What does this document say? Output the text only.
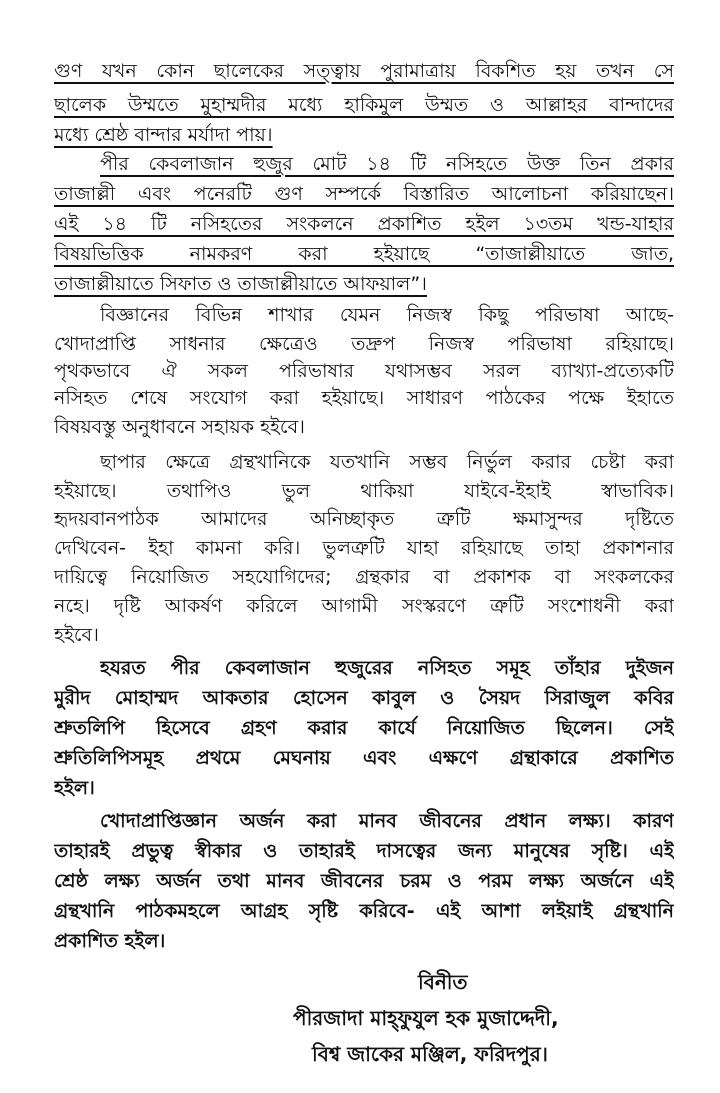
গুণ যখন কোন ছালেকের সত্ত্বায় পুরামাত্রায় বিকশিত হয় তখন সে
ছালেক উম্মতে মুহাম্মদীর মধ্যে হাকিমুল উম্মত ও আল্লাহর বান্দাদের
মধ্যে শ্রেষ্ঠ বান্দার মর্যাদা পায়।
পীর কেবলাজান হুজুর মোট ১৪ টি নসিহতে উক্ত তিন প্রকার
তাজাল্লী এবং পনেরটি গুণ সম্পর্কে বিস্তারিত আলোচনা করিয়াছেন।
এই ১৪ টি নসিহতের সংকলনে প্রকাশিত হইল ১৩তম খন্ড-যাহার
বিষয়ভিত্তিক নামকরণ করা হইয়াছে “তাজাল্লীয়াতে জাত,
তাজাল্লীয়াতে সিফাত ও তাজাল্লীয়াতে আফয়াল”।
বিজ্ঞানের বিভিন্ন শাখার যেমন নিজস্ব কিছু পরিভাষা আছে-
খোদাপ্রাপ্তি সাধনার ক্ষেত্রেও তদ্রুপ নিজস্ব পরিভাষা রহিয়াছে।
পৃথকভাবে ঐ সকল পরিভাষার যথাসম্ভব সরল ব্যাখ্যা-প্রত্যেকটি
নসিহত শেষে সংযোগ করা হইয়াছে। সাধারণ পাঠকের পক্ষে ইহাতে
বিষয়বস্তু অনুধাবনে সহায়ক হইবে।
ছাপার ক্ষেত্রে গ্রন্থখানিকে যতখানি সম্ভব নির্ভুল করার চেষ্টা করা
হইয়াছে। তথাপিও ভুল থাকিয়া যাইবে-ইহাই স্বাভাবিক।
হৃদয়বানপাঠক আমাদের অনিচ্ছাকৃত ত্রুটি ক্ষমাসুন্দর দৃষ্টিতে
দেখিবেন- ইহা কামনা করি। ভুলত্রুটি যাহা রহিয়াছে তাহা প্রকাশনার
দায়িত্বে নিয়োজিত সহযোগিদের; গ্রন্থকার বা প্রকাশক বা সংকলকের
নহে। দৃষ্টি আকর্ষণ করিলে আগামী সংস্করণে ত্রুটি সংশোধনী করা
হইবে।
হযরত পীর কেবলাজান হুজুরের নসিহত সমূহ তাঁহার দুইজন
মুরীদ মোহাম্মদ আকতার হোসেন কাবুল ও সৈয়দ সিরাজুল কবির
শ্রুতলিপি হিসেবে গ্রহণ করার কার্যে নিয়োজিত ছিলেন। সেই
শ্রুতিলিপিসমূহ প্রথমে মেঘনায় এবং এক্ষণে গ্রন্থাকারে প্রকাশিত
হইল।
খোদাপ্রাপ্তিজ্ঞান অর্জন করা মানব জীবনের প্রধান লক্ষ্য। কারণ
তাহারই প্রভুত্ব স্বীকার ও তাহারই দাসত্বের জন্য মানুষের সৃষ্টি। এই
শ্রেষ্ঠ লক্ষ্য অর্জন তথা মানব জীবনের চরম ও পরম লক্ষ্য অর্জনে এই
গ্রন্থখানি পাঠকমহলে আগ্রহ সৃষ্টি করিবে- এই আশা লইয়াই গ্রন্থখানি
প্রকাশিত হইল।
বিনীত
পীরজাদা মাহ্ফুযুল হক মুজাদ্দেদী,
বিশ্ব জাকের মঞ্জিল, ফরিদপুর।
